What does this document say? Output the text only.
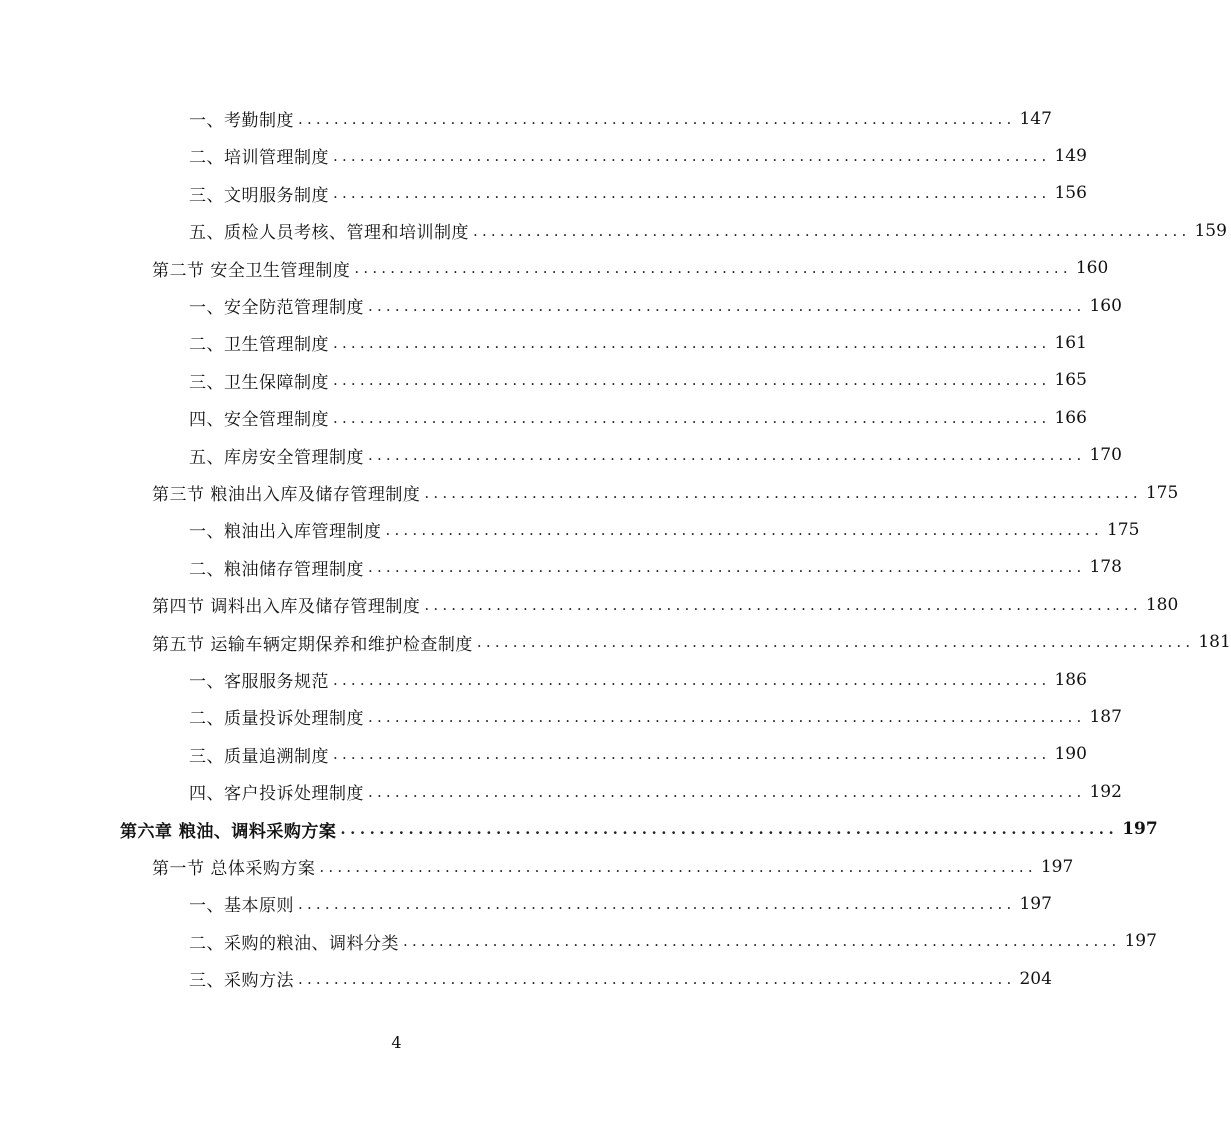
一、考勤制度 ................................................................................ 147
二、培训管理制度 ................................................................................ 149
三、文明服务制度 ................................................................................ 156
五、质检人员考核、管理和培训制度 ................................................................................ 159
第二节 安全卫生管理制度 ................................................................................ 160
一、安全防范管理制度 ................................................................................ 160
二、卫生管理制度 ................................................................................ 161
三、卫生保障制度 ................................................................................ 165
四、安全管理制度 ................................................................................ 166
五、库房安全管理制度 ................................................................................ 170
第三节 粮油出入库及储存管理制度 ................................................................................ 175
一、粮油出入库管理制度 ................................................................................ 175
二、粮油储存管理制度 ................................................................................ 178
第四节 调料出入库及储存管理制度 ................................................................................ 180
第五节 运输车辆定期保养和维护检查制度 ................................................................................ 181
一、客服服务规范 ................................................................................ 186
二、质量投诉处理制度 ................................................................................ 187
三、质量追溯制度 ................................................................................ 190
四、客户投诉处理制度 ................................................................................ 192
第六章 粮油、调料采购方案 ................................................................................ 197
第一节 总体采购方案 ................................................................................ 197
一、基本原则 ................................................................................ 197
二、采购的粮油、调料分类 ................................................................................ 197
三、采购方法 ................................................................................ 204
4
